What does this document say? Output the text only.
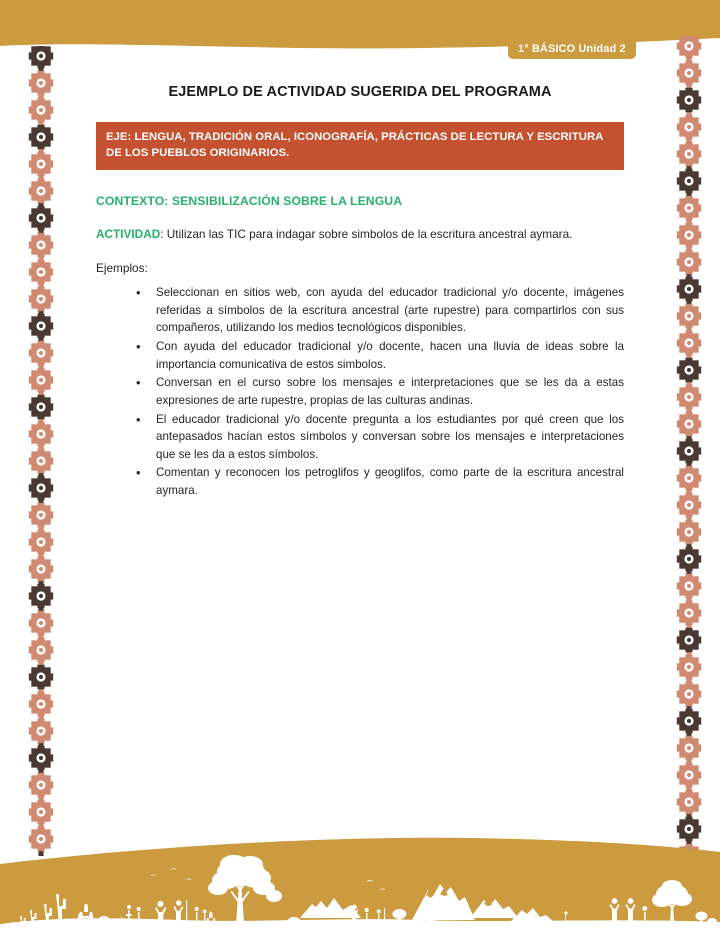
1° BÁSICO Unidad 2
EJEMPLO DE ACTIVIDAD SUGERIDA DEL PROGRAMA
EJE: LENGUA, TRADICIÓN ORAL, ICONOGRAFÍA, PRÁCTICAS DE LECTURA Y ESCRITURA DE LOS PUEBLOS ORIGINARIOS.
CONTEXTO: SENSIBILIZACIÓN SOBRE LA LENGUA
ACTIVIDAD: Utilizan las TIC para indagar sobre simbolos de la escritura ancestral aymara.
Ejemplos:
• Seleccionan en sitios web, con ayuda del educador tradicional y/o docente, imágenes referidas a símbolos de la escritura ancestral (arte rupestre) para compartirlos con sus compañeros, utilizando los medios tecnológicos disponibles.
• Con ayuda del educador tradicional y/o docente, hacen una lluvia de ideas sobre la importancia comunicativa de estos simbolos.
• Conversan en el curso sobre los mensajes e interpretaciones que se les da a estas expresiones de arte rupestre, propias de las culturas andinas.
• El educador tradicional y/o docente pregunta a los estudiantes por qué creen que los antepasados hacían estos símbolos y conversan sobre los mensajes e interpretaciones que se les da a estos símbolos.
• Comentan y reconocen los petroglifos y geoglifos, como parte de la escritura ancestral aymara.
